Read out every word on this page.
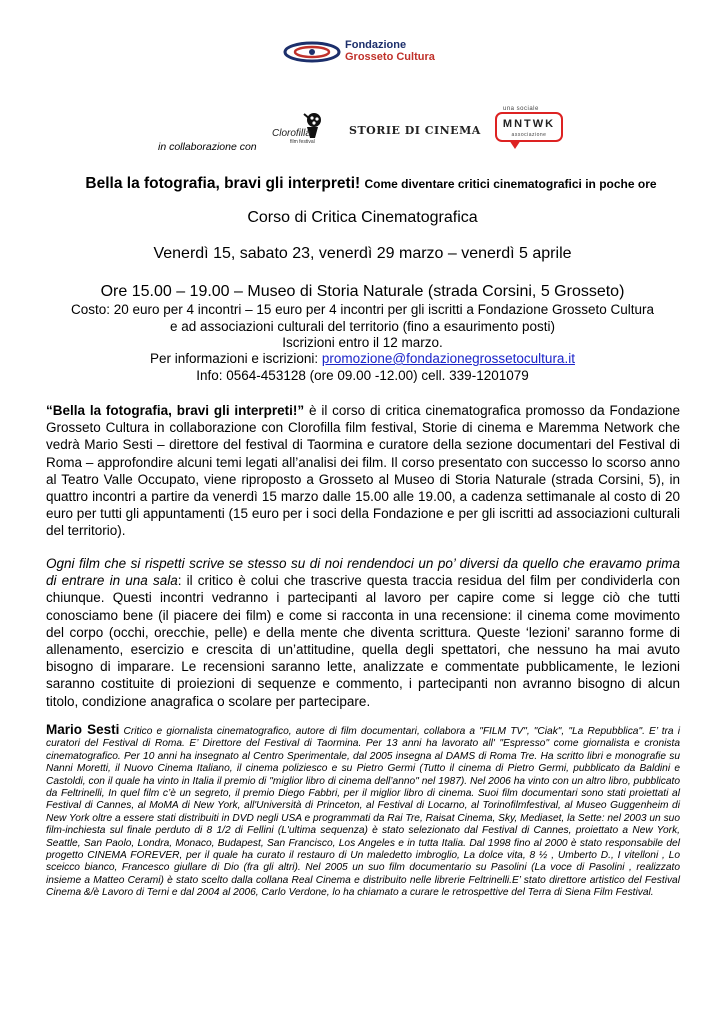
Fondazione
Grosseto Cultura
in collaborazione con
Clorofilla
film festival
STORIE DI CINEMA
una sociale
MNTWK
associazione
Bella la fotografia, bravi gli interpreti! Come diventare critici cinematografici in poche ore
Corso di Critica Cinematografica
Venerdì 15, sabato 23, venerdì 29 marzo – venerdì 5 aprile
Ore 15.00 – 19.00 – Museo di Storia Naturale (strada Corsini, 5 Grosseto)
Costo: 20 euro per 4 incontri – 15 euro per 4 incontri per gli iscritti a Fondazione Grosseto Cultura
e ad associazioni culturali del territorio (fino a esaurimento posti)
Iscrizioni entro il 12 marzo.
Per informazioni e iscrizioni: promozione@fondazionegrossetocultura.it
Info: 0564-453128 (ore 09.00 -12.00) cell. 339-1201079
“Bella la fotografia, bravi gli interpreti!” è il corso di critica cinematografica promosso da Fondazione Grosseto Cultura in collaborazione con Clorofilla film festival, Storie di cinema e Maremma Network che vedrà Mario Sesti – direttore del festival di Taormina e curatore della sezione documentari del Festival di Roma – approfondire alcuni temi legati all’analisi dei film. Il corso presentato con successo lo scorso anno al Teatro Valle Occupato, viene riproposto a Grosseto al Museo di Storia Naturale (strada Corsini, 5), in quattro incontri a partire da venerdì 15 marzo dalle 15.00 alle 19.00, a cadenza settimanale al costo di 20 euro per tutti gli appuntamenti (15 euro per i soci della Fondazione e per gli iscritti ad associazioni culturali del territorio).
Ogni film che si rispetti scrive se stesso su di noi rendendoci un po’ diversi da quello che eravamo prima di entrare in una sala: il critico è colui che trascrive questa traccia residua del film per condividerla con chiunque. Questi incontri vedranno i partecipanti al lavoro per capire come si legge ciò che tutti conosciamo bene (il piacere dei film) e come si racconta in una recensione: il cinema come movimento del corpo (occhi, orecchie, pelle) e della mente che diventa scrittura. Queste ‘lezioni’ saranno forme di allenamento, esercizio e crescita di un’attitudine, quella degli spettatori, che nessuno ha mai avuto bisogno di imparare. Le recensioni saranno lette, analizzate e commentate pubblicamente, le lezioni saranno costituite di proiezioni di sequenze e commento, i partecipanti non avranno bisogno di alcun titolo, condizione anagrafica o scolare per partecipare.
Mario Sesti Critico e giornalista cinematografico, autore di film documentari, collabora a "FILM TV", "Ciak", "La Repubblica". E’ tra i curatori del Festival di Roma. E’ Direttore del Festival di Taormina. Per 13 anni ha lavorato all' "Espresso" come giornalista e cronista cinematografico. Per 10 anni ha insegnato al Centro Sperimentale, dal 2005 insegna al DAMS di Roma Tre. Ha scritto libri e monografie su Nanni Moretti, il Nuovo Cinema Italiano, il cinema poliziesco e su Pietro Germi (Tutto il cinema di Pietro Germi, pubblicato da Baldini e Castoldi, con il quale ha vinto in Italia il premio di "miglior libro di cinema dell’anno" nel 1987). Nel 2006 ha vinto con un altro libro, pubblicato da Feltrinelli, In quel film c’è un segreto, il premio Diego Fabbri, per il miglior libro di cinema. Suoi film documentari sono stati proiettati al Festival di Cannes, al MoMA di New York, all'Università di Princeton, al Festival di Locarno, al Torinofilmfestival, al Museo Guggenheim di New York oltre a essere stati distribuiti in DVD negli USA e programmati da Rai Tre, Raisat Cinema, Sky, Mediaset, la Sette: nel 2003 un suo film-inchiesta sul finale perduto di 8 1/2 di Fellini (L'ultima sequenza) è stato selezionato dal Festival di Cannes, proiettato a New York, Seattle, San Paolo, Londra, Monaco, Budapest, San Francisco, Los Angeles e in tutta Italia. Dal 1998 fino al 2000 è stato responsabile del progetto CINEMA FOREVER, per il quale ha curato il restauro di Un maledetto imbroglio, La dolce vita, 8 ½ , Umberto D., I vitelloni , Lo sceicco bianco, Francesco giullare di Dio (fra gli altri). Nel 2005 un suo film documentario su Pasolini (La voce di Pasolini , realizzato insieme a Matteo Cerami) è stato scelto dalla collana Real Cinema e distribuito nelle librerie Feltrinelli.E’ stato direttore artistico del Festival Cinema &/è Lavoro di Terni e dal 2004 al 2006, Carlo Verdone, lo ha chiamato a curare le retrospettive del Terra di Siena Film Festival.
